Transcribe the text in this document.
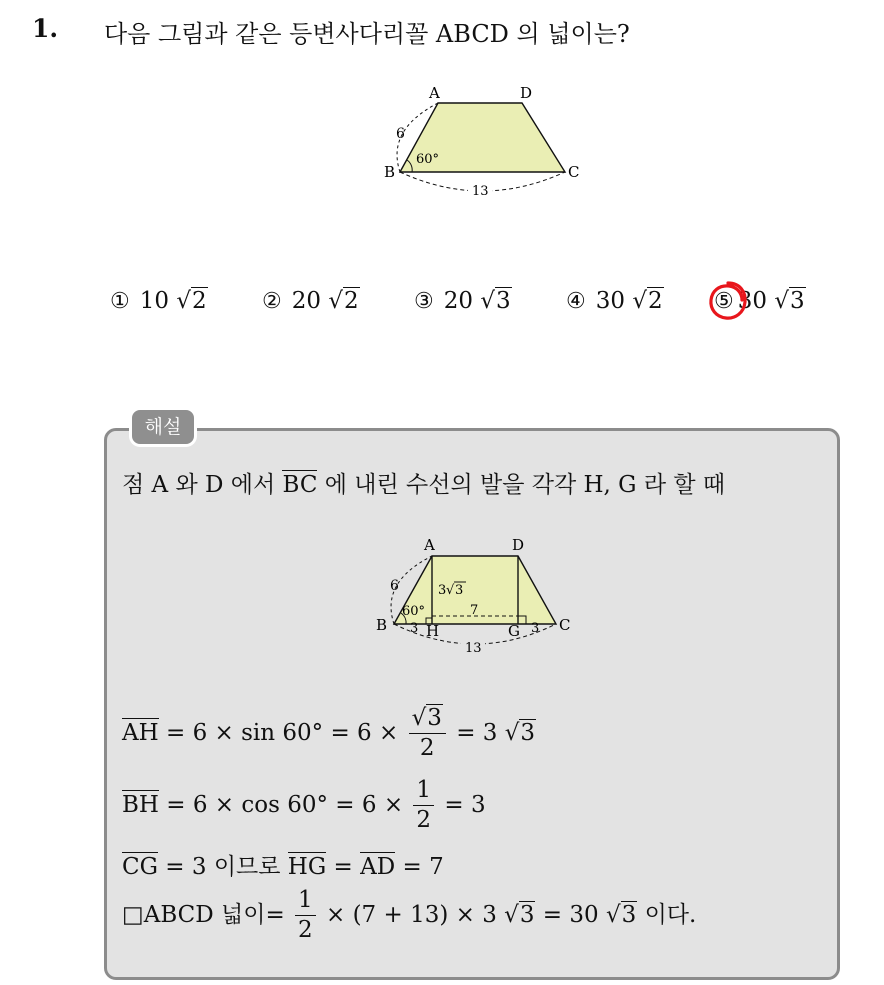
1. 다음 그림과 같은 등변사다리꼴 ABCD 의 넓이는?
A	D
B	C
6
60°
13
① 10 √2	② 20 √2	③ 20 √3	④ 30 √2 ⑤ 30 √3
해설
점 A 와 D 에서 BC 에 내린 수선의 발을 각각 H, G 라 할 때
A	D
B	C
H	G
6	3 √ 3
60°	7
3	3
13
AH = $6 \times \sin 60^\circ = 6 \times \frac{√3}{2} = 3$ √3
BH = $6 \times \cos 60^\circ = 6 \times \frac{1}{2} = 3$
CG = 3 이므로 HG = AD = 7
□ABCD 넓이= $\frac{1}{2} \times (7 + 13) \times 3$ √3 = 30 √3 이다.
